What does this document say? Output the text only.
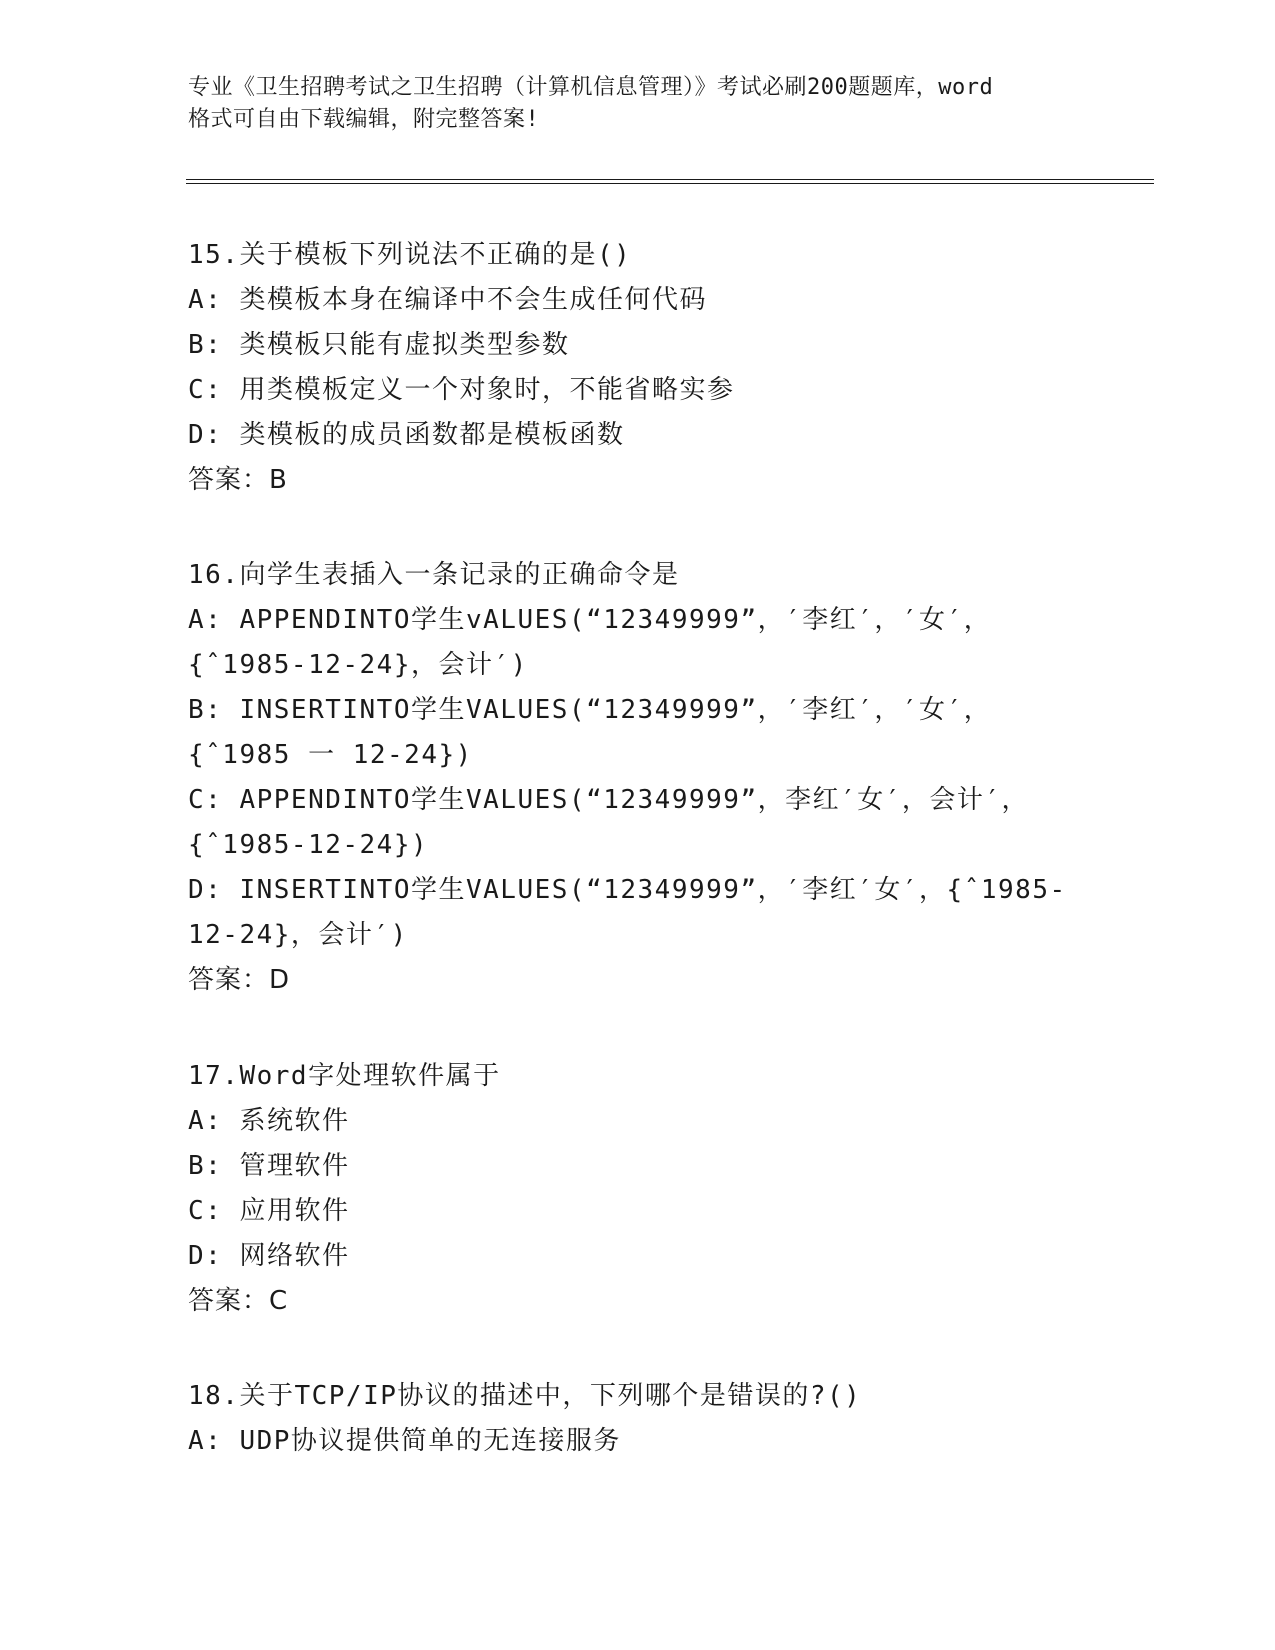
专业《卫生招聘考试之卫生招聘（计算机信息管理）》考试必刷200题题库，word
格式可自由下载编辑，附完整答案!
15.关于模板下列说法不正确的是()
A: 类模板本身在编译中不会生成任何代码
B: 类模板只能有虚拟类型参数
C: 用类模板定义一个对象时，不能省略实参
D: 类模板的成员函数都是模板函数
答案：B
16.向学生表插入一条记录的正确命令是
A: APPENDINTO学生vALUES(“12349999”，′李红′，′女′，
{ˆ1985-12-24}，会计′)
B: INSERTINTO学生VALUES(“12349999”，′李红′，′女′，
{ˆ1985 一 12-24})
C: APPENDINTO学生VALUES(“12349999”，李红′女′，会计′，
{ˆ1985-12-24})
D: INSERTINTO学生VALUES(“12349999”，′李红′女′，{ˆ1985-
12-24}，会计′)
答案：D
17.Word字处理软件属于
A: 系统软件
B: 管理软件
C: 应用软件
D: 网络软件
答案：C
18.关于TCP/IP协议的描述中，下列哪个是错误的?()
A: UDP协议提供简单的无连接服务
